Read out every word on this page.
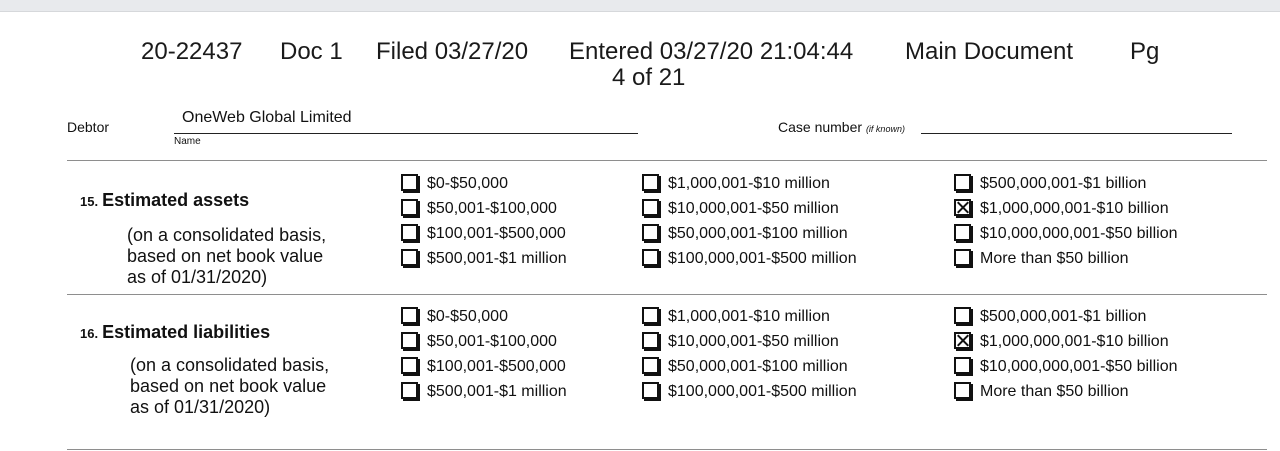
20-22437 Doc 1 Filed 03/27/20 Entered 03/27/20 21:04:44 Main Document Pg
4 of 21
Debtor
OneWeb Global Limited
Name
Case number (if known)
15. Estimated assets
(on a consolidated basis,
based on net book value
as of 01/31/2020)
$0-$50,000
$50,001-$100,000
$100,001-$500,000
$500,001-$1 million
$1,000,001-$10 million
$10,000,001-$50 million
$50,000,001-$100 million
$100,000,001-$500 million
$500,000,001-$1 billion
$1,000,000,001-$10 billion
$10,000,000,001-$50 billion
More than $50 billion
16. Estimated liabilities
(on a consolidated basis,
based on net book value
as of 01/31/2020)
$0-$50,000
$50,001-$100,000
$100,001-$500,000
$500,001-$1 million
$1,000,001-$10 million
$10,000,001-$50 million
$50,000,001-$100 million
$100,000,001-$500 million
$500,000,001-$1 billion
$1,000,000,001-$10 billion
$10,000,000,001-$50 billion
More than $50 billion
